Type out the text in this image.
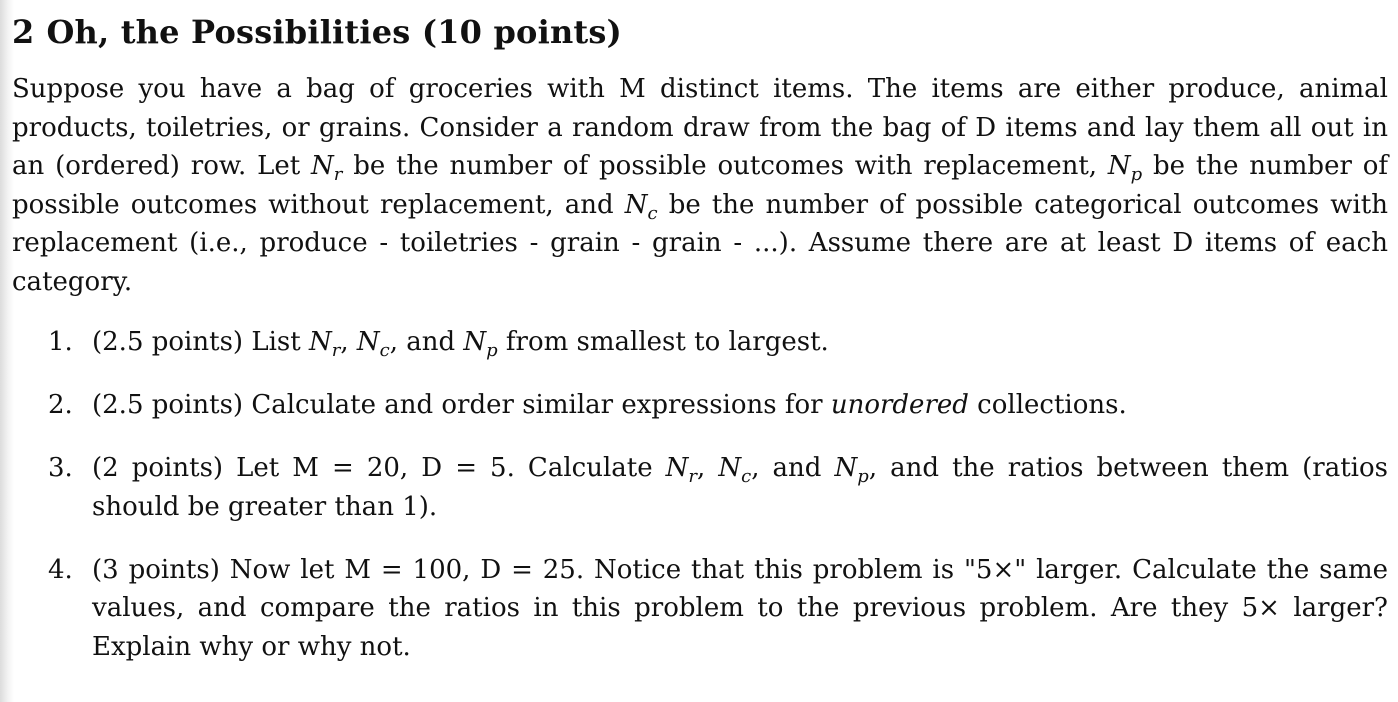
2 Oh, the Possibilities (10 points)

Suppose you have a bag of groceries with M distinct items. The items are either produce, animal products, toiletries, or grains. Consider a random draw from the bag of D items and lay them all out in an (ordered) row. Let $N_r$ be the number of possible outcomes with replacement, $N_p$ be the number of possible outcomes without replacement, and $N_c$ be the number of possible categorical outcomes with replacement (i.e., produce - toiletries - grain - grain - ...). Assume there are at least D items of each category.

1. (2.5 points) List $N_r$, $N_c$, and $N_p$ from smallest to largest.
2. (2.5 points) Calculate and order similar expressions for unordered collections.
3. (2 points) Let M = 20, D = 5. Calculate $N_r$, $N_c$, and $N_p$, and the ratios between them (ratios should be greater than 1).
4. (3 points) Now let M = 100, D = 25. Notice that this problem is "5×" larger. Calculate the same values, and compare the ratios in this problem to the previous problem. Are they 5× larger? Explain why or why not.
